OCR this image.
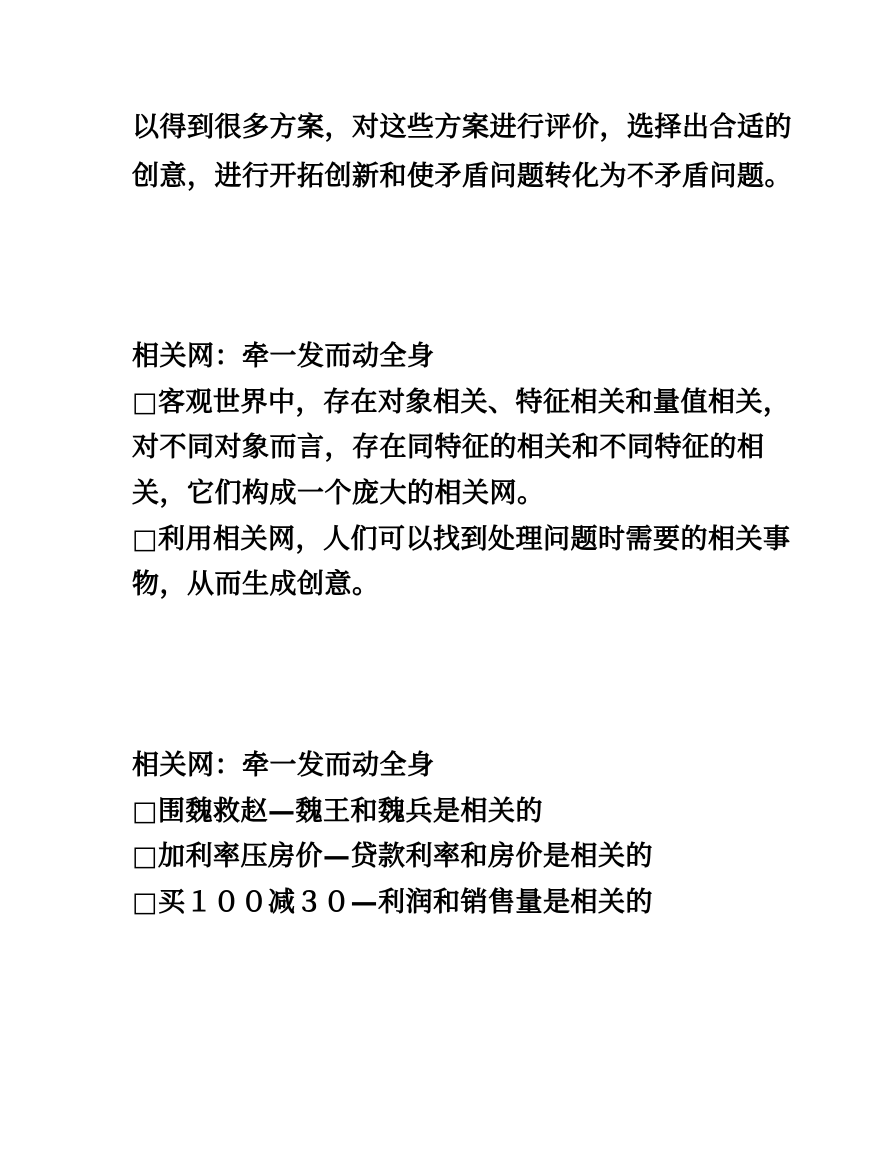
以得到很多方案，对这些方案进行评价，选择出合适的
创意，进行开拓创新和使矛盾问题转化为不矛盾问题。
相关网：牵一发而动全身
□客观世界中，存在对象相关、特征相关和量值相关，
对不同对象而言，存在同特征的相关和不同特征的相
关，它们构成一个庞大的相关网。
□利用相关网，人们可以找到处理问题时需要的相关事
物，从而生成创意。
相关网：牵一发而动全身
□围魏救赵—魏王和魏兵是相关的
□加利率压房价—贷款利率和房价是相关的
□买１００减３０—利润和销售量是相关的
